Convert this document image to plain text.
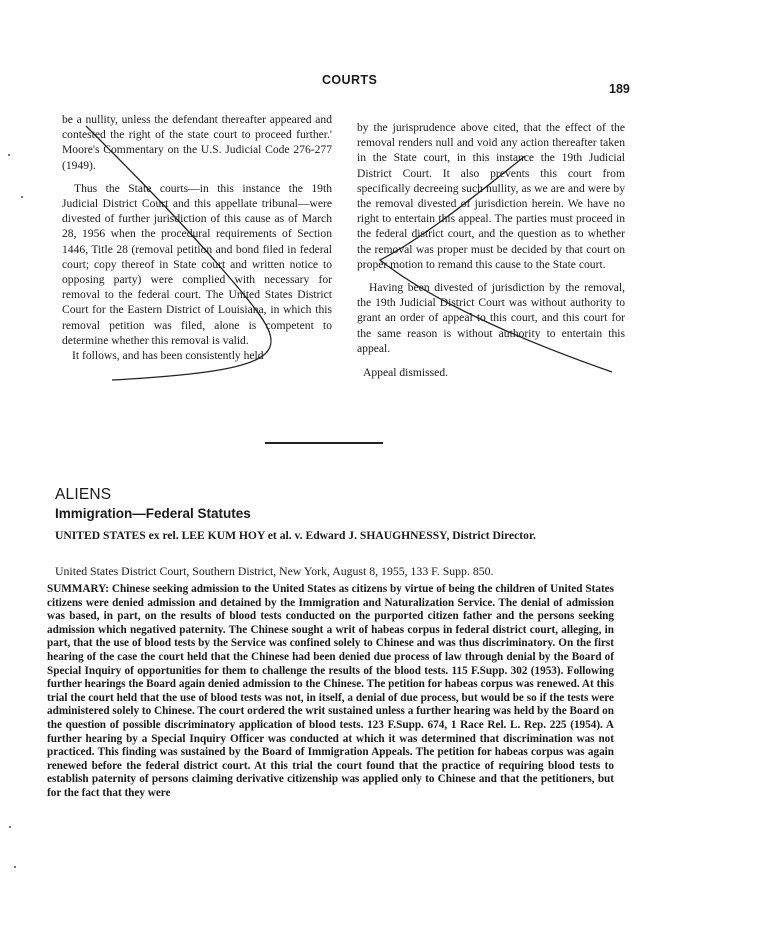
COURTS
189

be a nullity, unless the defendant thereafter appeared and contested the right of the state court to proceed further.' Moore's Commentary on the U.S. Judicial Code 276-277 (1949).

Thus the State courts—in this instance the 19th Judicial District Court and this appellate tribunal—were divested of further jurisdiction of this cause as of March 28, 1956 when the procedural requirements of Section 1446, Title 28 (removal petition and bond filed in federal court; copy thereof in State court and written notice to opposing party) were complied with necessary for removal to the federal court. The United States District Court for the Eastern District of Louisiana, in which this removal petition was filed, alone is competent to determine whether this removal is valid.

It follows, and has been consistently held

by the jurisprudence above cited, that the effect of the removal renders null and void any action thereafter taken in the State court, in this instance the 19th Judicial District Court. It also prevents this court from specifically decreeing such nullity, as we are and were by the removal divested of jurisdiction herein. We have no right to entertain this appeal. The parties must proceed in the federal district court, and the question as to whether the removal was proper must be decided by that court on proper motion to remand this cause to the State court.

Having been divested of jurisdiction by the removal, the 19th Judicial District Court was without authority to grant an order of appeal to this court, and this court for the same reason is without authority to entertain this appeal.

Appeal dismissed.

ALIENS
Immigration—Federal Statutes
UNITED STATES ex rel. LEE KUM HOY et al. v. Edward J. SHAUGHNESSY, District Director.
United States District Court, Southern District, New York, August 8, 1955, 133 F. Supp. 850.
SUMMARY: Chinese seeking admission to the United States as citizens by virtue of being the children of United States citizens were denied admission and detained by the Immigration and Naturalization Service. The denial of admission was based, in part, on the results of blood tests conducted on the purported citizen father and the persons seeking admission which negatived paternity. The Chinese sought a writ of habeas corpus in federal district court, alleging, in part, that the use of blood tests by the Service was confined solely to Chinese and was thus discriminatory. On the first hearing of the case the court held that the Chinese had been denied due process of law through denial by the Board of Special Inquiry of opportunities for them to challenge the results of the blood tests. 115 F.Supp. 302 (1953). Following further hearings the Board again denied admission to the Chinese. The petition for habeas corpus was renewed. At this trial the court held that the use of blood tests was not, in itself, a denial of due process, but would be so if the tests were administered solely to Chinese. The court ordered the writ sustained unless a further hearing was held by the Board on the question of possible discriminatory application of blood tests. 123 F.Supp. 674, 1 Race Rel. L. Rep. 225 (1954). A further hearing by a Special Inquiry Officer was conducted at which it was determined that discrimination was not practiced. This finding was sustained by the Board of Immigration Appeals. The petition for habeas corpus was again renewed before the federal district court. At this trial the court found that the practice of requiring blood tests to establish paternity of persons claiming derivative citizenship was applied only to Chinese and that the petitioners, but for the fact that they were
